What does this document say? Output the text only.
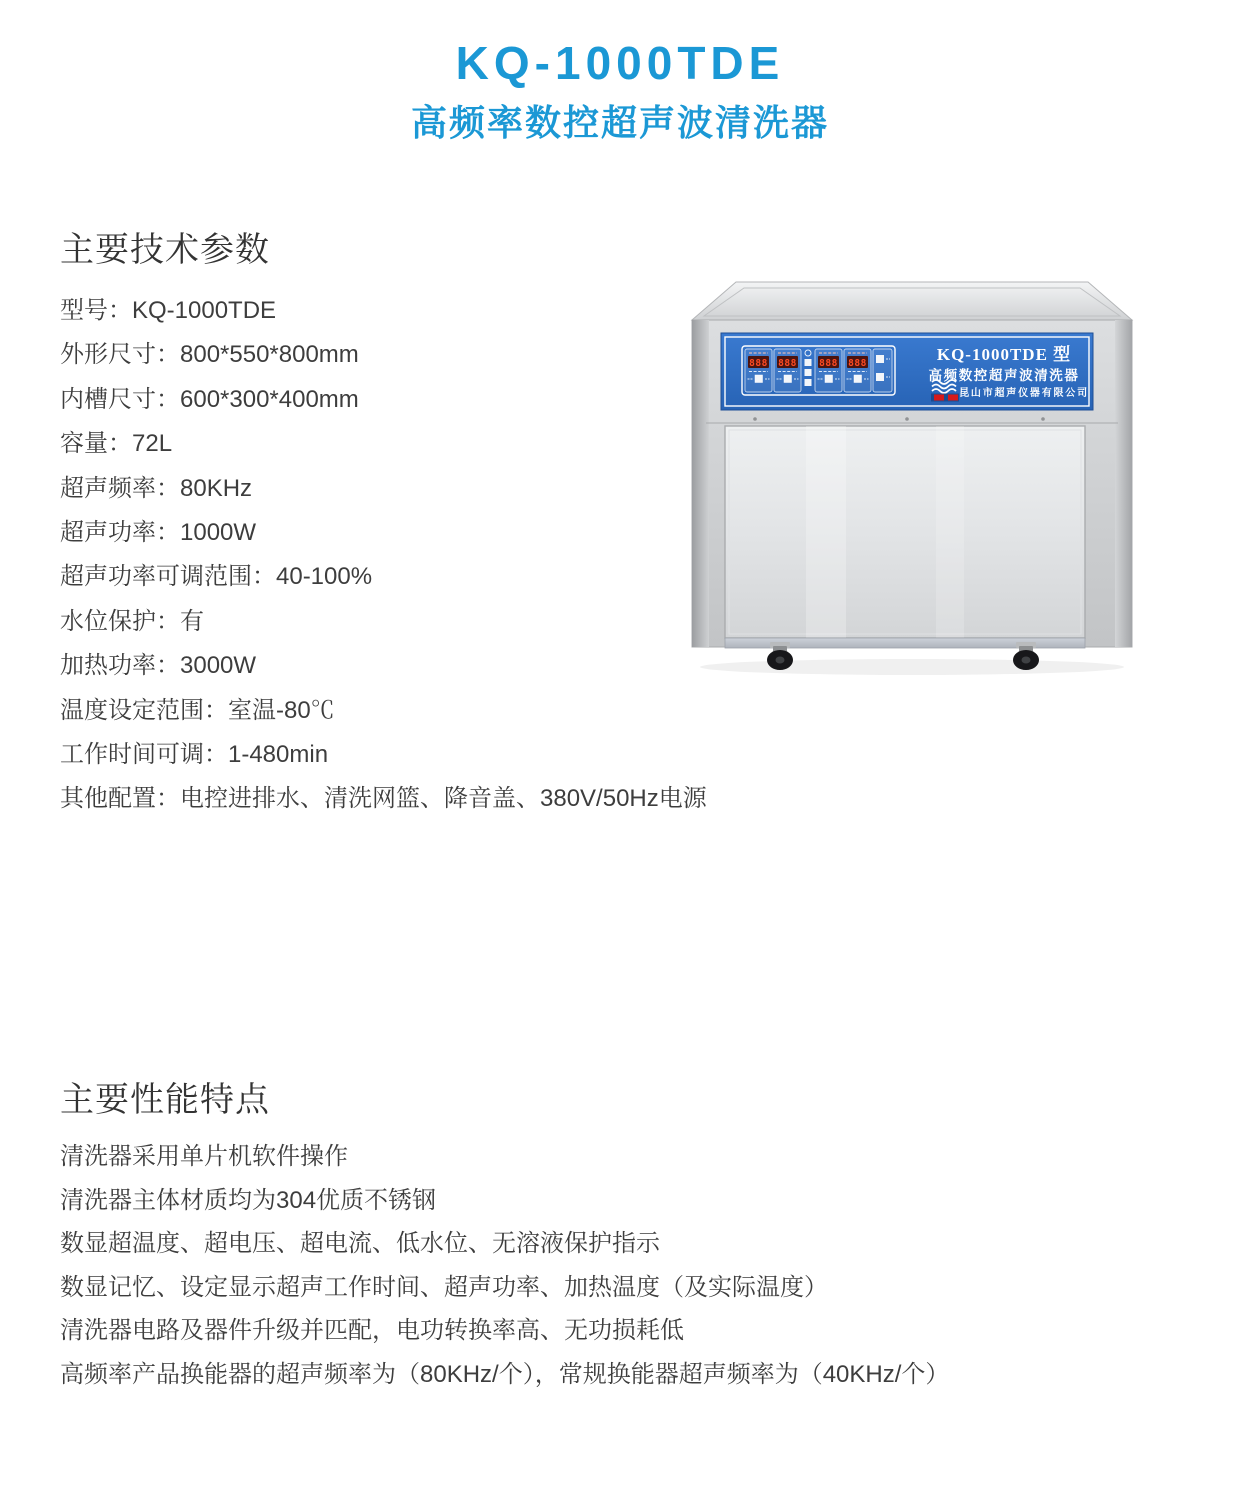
KQ-1000TDE
高频率数控超声波清洗器
主要技术参数
型号：KQ-1000TDE
外形尺寸：800*550*800mm
内槽尺寸：600*300*400mm
容量：72L
超声频率：80KHz
超声功率：1000W
超声功率可调范围：40-100%
水位保护：有
加热功率：3000W
温度设定范围：室温-80℃
工作时间可调：1-480min
其他配置：电控进排水、清洗网篮、降音盖、380V/50Hz电源
主要性能特点
清洗器采用单片机软件操作
清洗器主体材质均为304优质不锈钢
数显超温度、超电压、超电流、低水位、无溶液保护指示
数显记忆、设定显示超声工作时间、超声功率、加热温度（及实际温度）
清洗器电路及器件升级并匹配，电功转换率高、无功损耗低
高频率产品换能器的超声频率为（80KHz/个），常规换能器超声频率为（40KHz/个）
888 888 888 888	KQ-1000TDE 型
高频数控超声波清洗器
昆山市超声仪器有限公司
